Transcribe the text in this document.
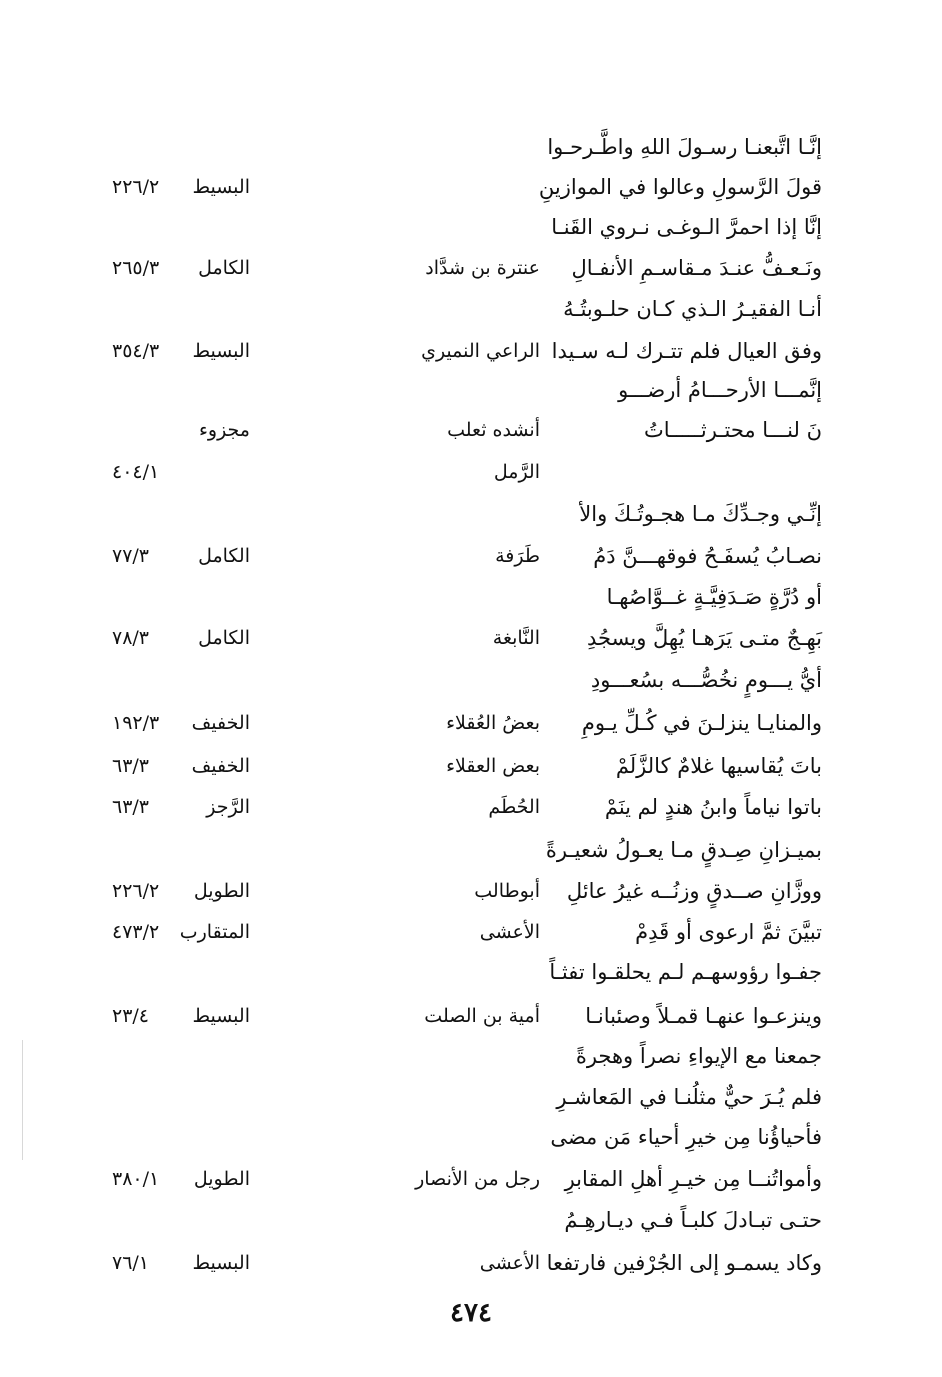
إنَّـا اتَّبعنـا رسـولَ اللهِ واطَّـرحـوا
قولَ الرَّسولِ وعالوا في الموازينِ
البسيط
٢٢٦/٢
إنَّا إذا احمرَّ الـوغـى نـروي القَنـا
ونَـعـفُّ عنـدَ مـقاسـمِ الأنفـالِ
عنترة بن شدَّاد
الكامل
٢٦٥/٣
أنـا الفقيـرُ الـذي كـان حلـوبتُـهُ
وفق العيال فلم تتـرك لـه سـيدا
الراعي النميري
البسيط
٣٥٤/٣
إنَّمـــا الأرحـــامُ أرضـــو
نَ لنـــا محتـرثـــــاتُ
أنشده ثعلب
مجزوء
الرَّمل
٤٠٤/١
إنِّـي وجـدِّكَ مـا هجـوتُـكَ والأ
نصـابُ يُسفَـحُ فوقهـــنَّ دَمُ
طَرَفة
الكامل
٧٧/٣
أو دُرَّةٍ صَـدَفِيَّـةٍ غــوَّاصُهـا
بَهِـجٌ متـى يَرَهـا يُهِلَّ ويسجُدِ
النَّابغة
الكامل
٧٨/٣
أيُّ يـــومٍ نخُصُّـــه بسُعـــودِ
والمنايـا ينزلـنَ في كُـلِّ يـومِ
بعضُ العُقلاء
الخفيف
١٩٢/٣
باتَ يُقاسيها غلامٌ كالزَّلَمْ
بعض العقلاء
الخفيف
٦٣/٣
باتوا نياماً وابنُ هندٍ لم ينَمْ
الحُطَم
الرَّجز
٦٣/٣
بميـزانِ صِـدقٍ مـا يعـولُ شعيـرةً
ووزَّانِ صــدقٍ وزنُــه غيرُ عائلِ
أبوطالب
الطويل
٢٢٦/٢
تبيَّنَ ثمَّ ارعوى أو قَدِمْ
الأعشى
المتقارب
٤٧٣/٢
جفـوا رؤوسهـم لـم يحلقـوا تفثـاً
وينزعـوا عنهـا قمـلاً وصئبانـا
أمية بن الصلت
البسيط
٢٣/٤
جمعنا مع الإيواءِ نصراً وهجرةً
فلم يُـرَ حيٌّ مثلُنـا في المَعاشـرِ
فأحياؤُنا مِن خيرِ أحياء مَن مضى
وأمواتُنــا مِن خيـرِ أهلِ المقابرِ
رجل من الأنصار
الطويل
٣٨٠/١
حتـى تبـادلَ كلبـاً فـي ديـارهِـمُ
وكاد يسمـو إلى الجُرْفين فارتفعا
الأعشى
البسيط
٧٦/١
٤٧٤
